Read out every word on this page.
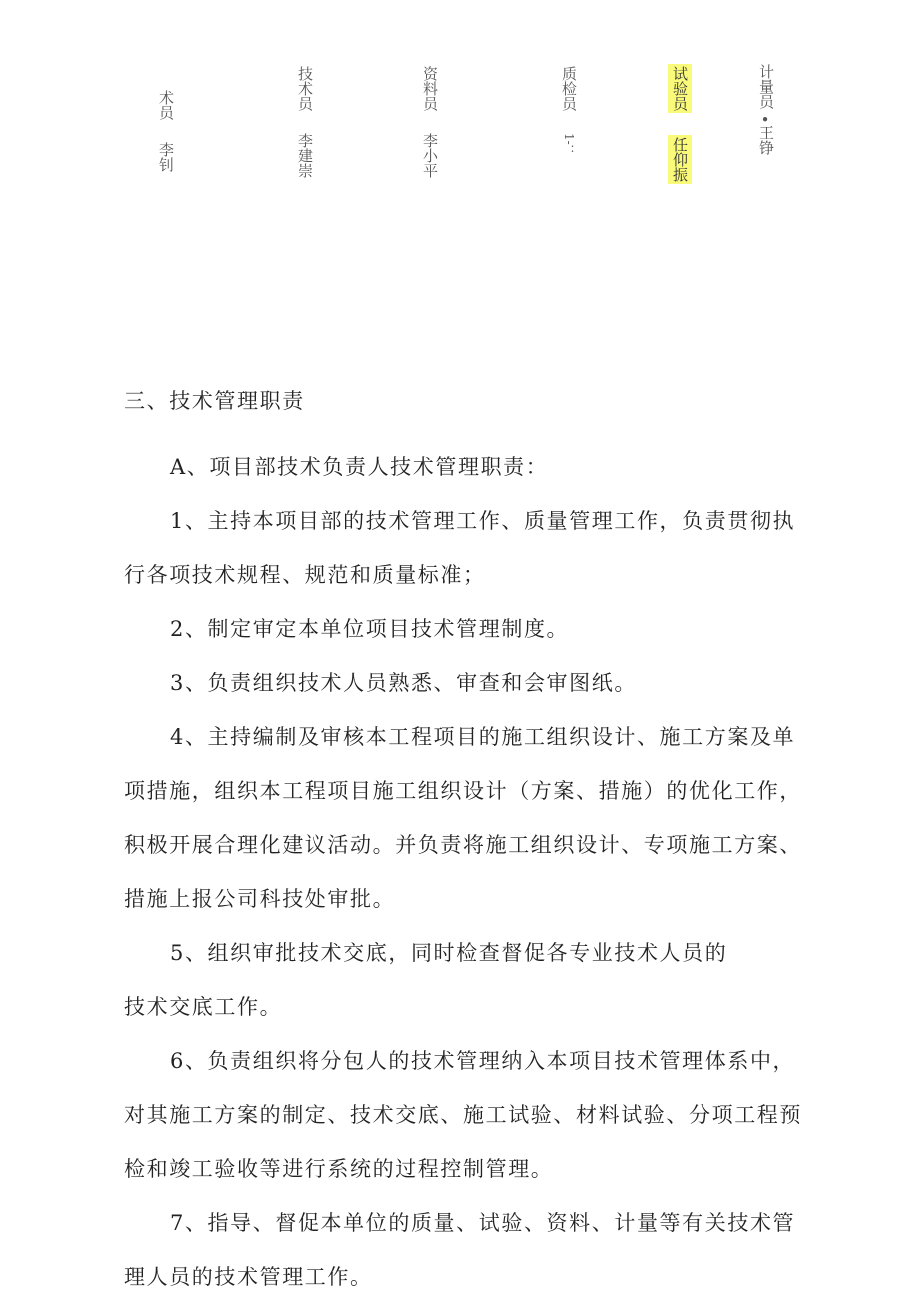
术员
李钊
技术员
李建崇
资料员
李小平
质检员
1-：
试验员
任仰振
计量员
•
王铮
三、技术管理职责

A、项目部技术负责人技术管理职责：

1、主持本项目部的技术管理工作、质量管理工作，负责贯彻执行各项技术规程、规范和质量标准；

2、制定审定本单位项目技术管理制度。

3、负责组织技术人员熟悉、审查和会审图纸。

4、主持编制及审核本工程项目的施工组织设计、施工方案及单项措施，组织本工程项目施工组织设计（方案、措施）的优化工作，积极开展合理化建议活动。并负责将施工组织设计、专项施工方案、措施上报公司科技处审批。

5、组织审批技术交底，同时检查督促各专业技术人员的

技术交底工作。

6、负责组织将分包人的技术管理纳入本项目技术管理体系中，对其施工方案的制定、技术交底、施工试验、材料试验、分项工程预检和竣工验收等进行系统的过程控制管理。

7、指导、督促本单位的质量、试验、资料、计量等有关技术管理人员的技术管理工作。
